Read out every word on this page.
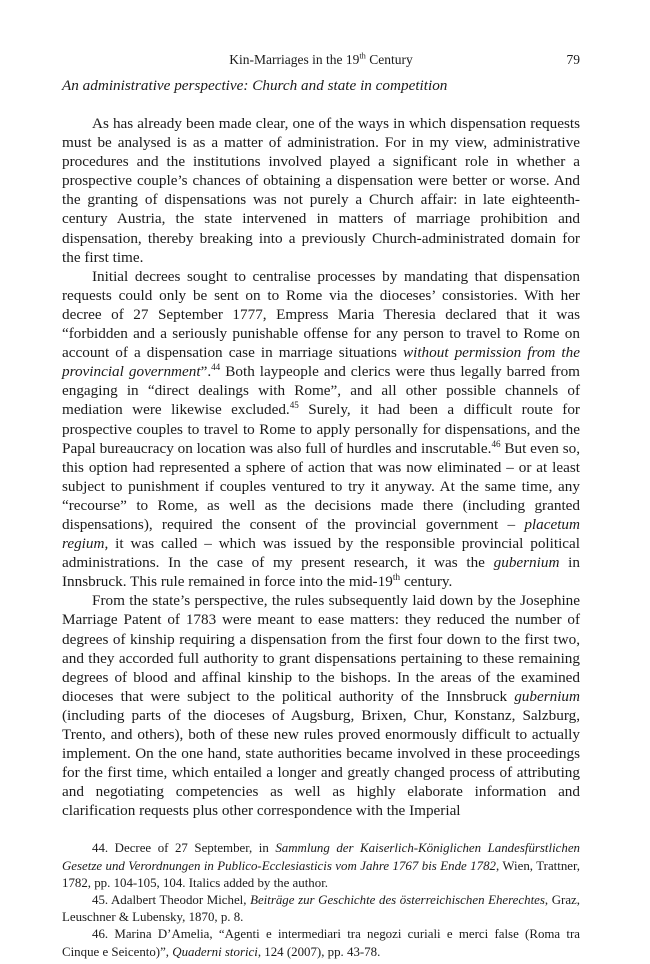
Kin-Marriages in the 19th Century	79
An administrative perspective: Church and state in competition

As has already been made clear, one of the ways in which dispensation requests must be analysed is as a matter of administration. For in my view, administrative procedures and the institutions involved played a significant role in whether a prospective couple’s chances of obtaining a dispensation were better or worse. And the granting of dispensations was not purely a Church affair: in late eighteenth-century Austria, the state intervened in matters of marriage prohibition and dispensation, thereby breaking into a previously Church-administrated domain for the first time.

Initial decrees sought to centralise processes by mandating that dispensation requests could only be sent on to Rome via the dioceses’ consistories. With her decree of 27 September 1777, Empress Maria Theresia declared that it was “forbidden and a seriously punishable offense for any person to travel to Rome on account of a dispensation case in marriage situations without permission from the provincial government”.$^{44}$ Both laypeople and clerics were thus legally barred from engaging in “direct dealings with Rome”, and all other possible channels of mediation were likewise excluded.$^{45}$ Surely, it had been a difficult route for prospective couples to travel to Rome to apply personally for dispensations, and the Papal bureaucracy on location was also full of hurdles and inscrutable.$^{46}$ But even so, this option had represented a sphere of action that was now eliminated – or at least subject to punishment if couples ventured to try it anyway. At the same time, any “recourse” to Rome, as well as the decisions made there (including granted dispensations), required the consent of the provincial government – placetum regium, it was called – which was issued by the responsible provincial political administrations. In the case of my present research, it was the gubernium in Innsbruck. This rule remained in force into the mid-19th century.

From the state’s perspective, the rules subsequently laid down by the Josephine Marriage Patent of 1783 were meant to ease matters: they reduced the number of degrees of kinship requiring a dispensation from the first four down to the first two, and they accorded full authority to grant dispensations pertaining to these remaining degrees of blood and affinal kinship to the bishops. In the areas of the examined dioceses that were subject to the political authority of the Innsbruck gubernium (including parts of the dioceses of Augsburg, Brixen, Chur, Konstanz, Salzburg, Trento, and others), both of these new rules proved enormously difficult to actually implement. On the one hand, state authorities became involved in these proceedings for the first time, which entailed a longer and greatly changed process of attributing and negotiating competencies as well as highly elaborate information and clarification requests plus other correspondence with the Imperial

44. Decree of 27 September, in Sammlung der Kaiserlich-Königlichen Landesfürstlichen Gesetze und Verordnungen in Publico-Ecclesiasticis vom Jahre 1767 bis Ende 1782, Wien, Trattner, 1782, pp. 104-105, 104. Italics added by the author.

45. Adalbert Theodor Michel, Beiträge zur Geschichte des österreichischen Eherechtes, Graz, Leuschner & Lubensky, 1870, p. 8.

46. Marina D’Amelia, “Agenti e intermediari tra negozi curiali e merci false (Roma tra Cinque e Seicento)”, Quaderni storici, 124 (2007), pp. 43-78.
